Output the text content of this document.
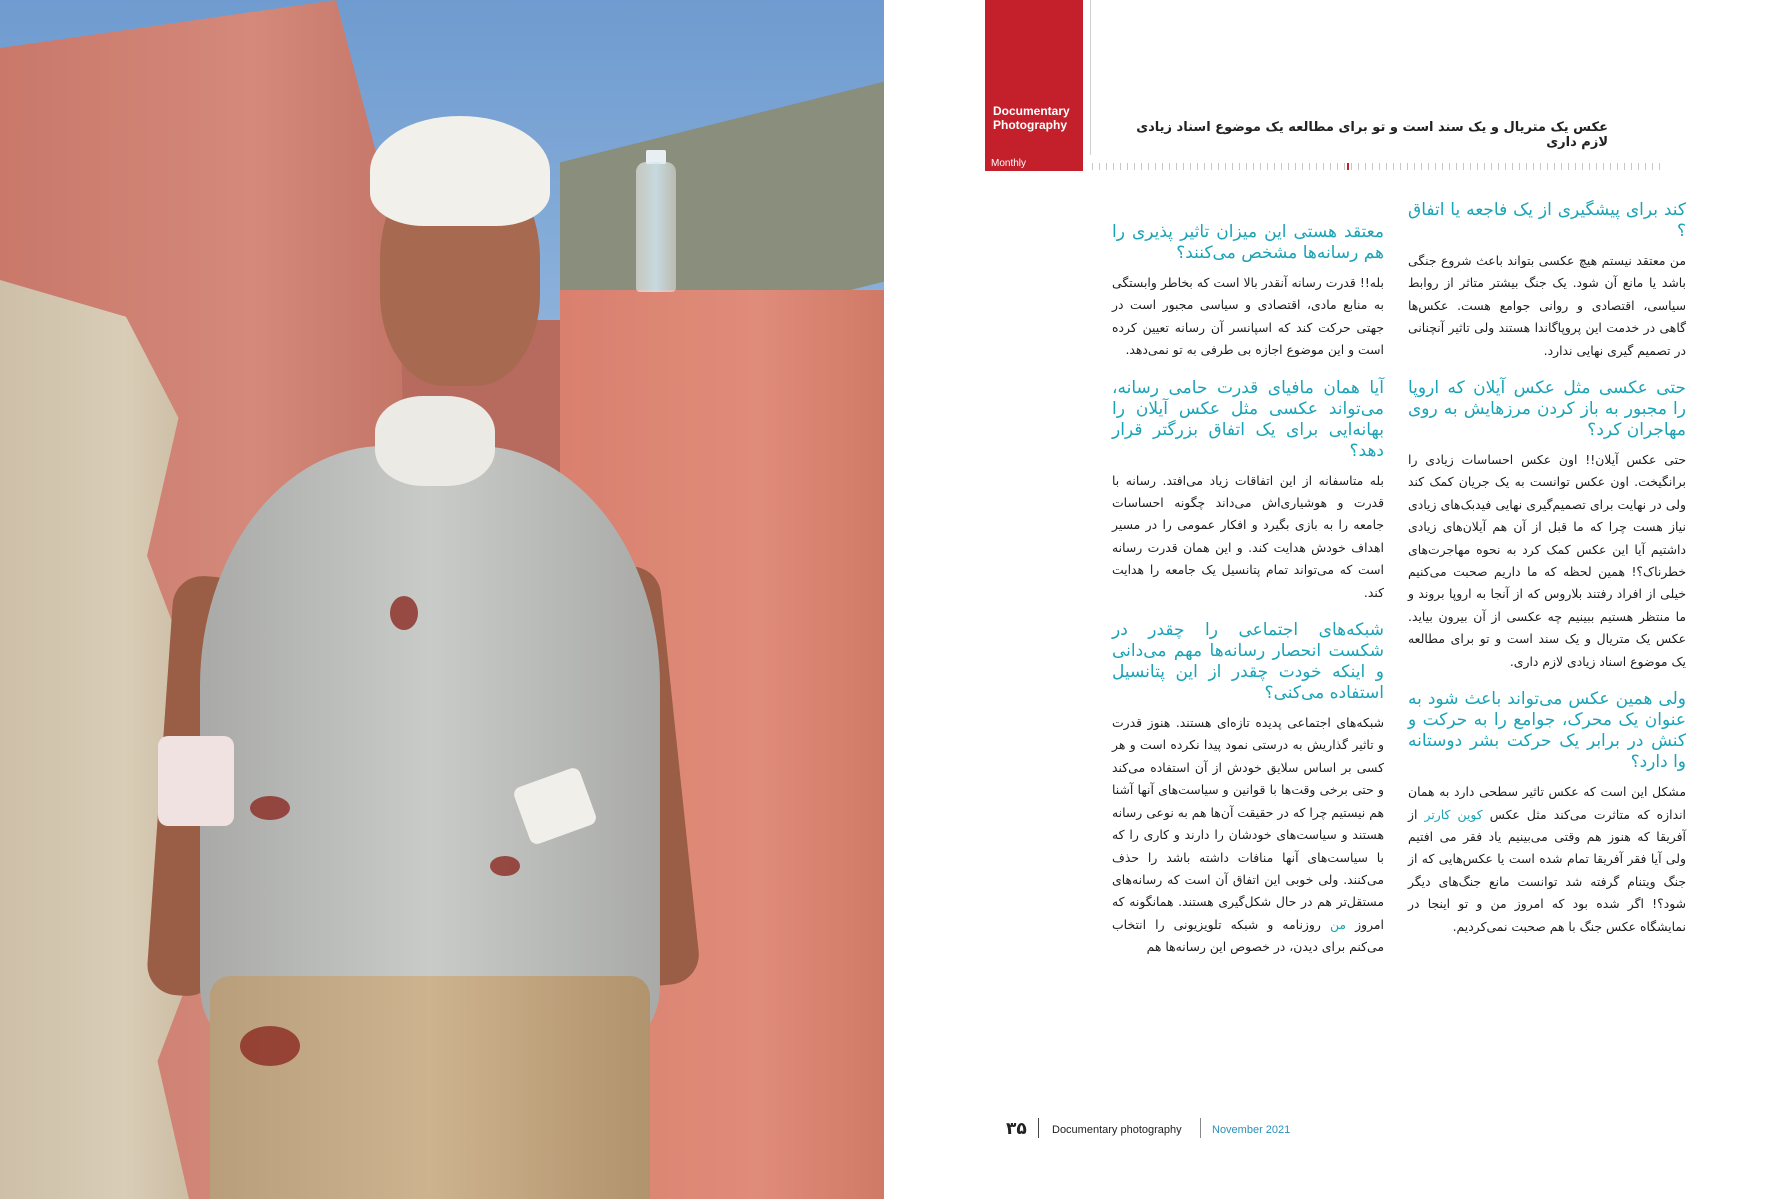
Documentary Photography
Monthly
عکس یک متریال و یک سند است و تو برای مطالعه یک موضوع اسناد زیادی لازم داری
کند برای پیشگیری از یک فاجعه یا اتفاق ؟
من معتقد نیستم هیچ عکسی بتواند باعث شروع جنگی باشد یا مانع آن شود. یک جنگ بیشتر متاثر از روابط سیاسی، اقتصادی و روانی جوامع هست. عکس‌ها گاهی در خدمت این پروپاگاندا هستند ولی تاثیر آنچنانی در تصمیم گیری نهایی ندارد.
حتی عکسی مثل عکس آیلان که اروپا را مجبور به باز کردن مرزهایش به روی مهاجران کرد؟
حتی عکس آیلان!! اون عکس احساسات زیادی را برانگیخت. اون عکس توانست به یک جریان کمک کند ولی در نهایت برای تصمیم‌گیری نهایی فیدبک‌های زیادی نیاز هست چرا که ما قبل از آن هم آیلان‌های زیادی داشتیم آیا این عکس کمک کرد به نحوه مهاجرت‌های خطرناک؟! همین لحظه که ما داریم صحبت می‌کنیم خیلی از افراد رفتند بلاروس که از آنجا به اروپا بروند و ما منتظر هستیم ببینیم چه عکسی از آن بیرون بیاید. عکس یک متریال و یک سند است و تو برای مطالعه یک موضوع اسناد زیادی لازم داری.
ولی همین عکس می‌تواند باعث شود به عنوان یک محرک، جوامع را به حرکت و کنش در برابر یک حرکت بشر دوستانه وا دارد؟
مشکل این است که عکس تاثیر سطحی دارد به همان اندازه که متاثرت می‌کند مثل عکس کوین کارتر از آفریقا که هنوز هم وقتی می‌بینیم یاد فقر می افتیم ولی آیا فقر آفریقا تمام شده است یا عکس‌هایی که از جنگ ویتنام گرفته شد توانست مانع جنگ‌های دیگر شود؟! اگر شده بود که امروز من و تو اینجا در نمایشگاه عکس جنگ با هم صحبت نمی‌کردیم.
معتقد هستی این میزان تاثیر پذیری را هم رسانه‌ها مشخص می‌کنند؟
بله!! قدرت رسانه آنقدر بالا است که بخاطر وابستگی به منابع مادی، اقتصادی و سیاسی مجبور است در جهتی حرکت کند که اسپانسر آن رسانه تعیین کرده است و این موضوع اجازه بی طرفی به تو نمی‌دهد.
آیا همان مافیای قدرت حامی رسانه، می‌تواند عکسی مثل عکس آیلان را بهانه‌ایی برای یک اتفاق بزرگتر قرار دهد؟
بله متاسفانه از این اتفاقات زیاد می‌افتد. رسانه با قدرت و هوشیاری‌اش می‌داند چگونه احساسات جامعه را به بازی بگیرد و افکار عمومی را در مسیر اهداف خودش هدایت کند. و این همان قدرت رسانه است که می‌تواند تمام پتانسیل یک جامعه را هدایت کند.
شبکه‌های اجتماعی را چقدر در شکست انحصار رسانه‌ها مهم می‌دانی و اینکه خودت چقدر از این پتانسیل استفاده می‌کنی؟
شبکه‌های اجتماعی پدیده تازه‌ای هستند. هنوز قدرت و تاثیر گذاریش به درستی نمود پیدا نکرده است و هر کسی بر اساس سلایق خودش از آن استفاده می‌کند و حتی برخی وقت‌ها با قوانین و سیاست‌های آنها آشنا هم نیستیم چرا که در حقیقت آن‌ها هم به نوعی رسانه هستند و سیاست‌های خودشان را دارند و کاری را که با سیاست‌های آنها منافات داشته باشد را حذف می‌کنند. ولی خوبی این اتفاق آن است که رسانه‌های مستقل‌تر هم در حال شکل‌گیری هستند. همانگونه که امروز من روزنامه و شبکه تلویزیونی را انتخاب می‌کنم برای دیدن، در خصوص این رسانه‌ها هم
۳۵ Documentary photography	November 2021
